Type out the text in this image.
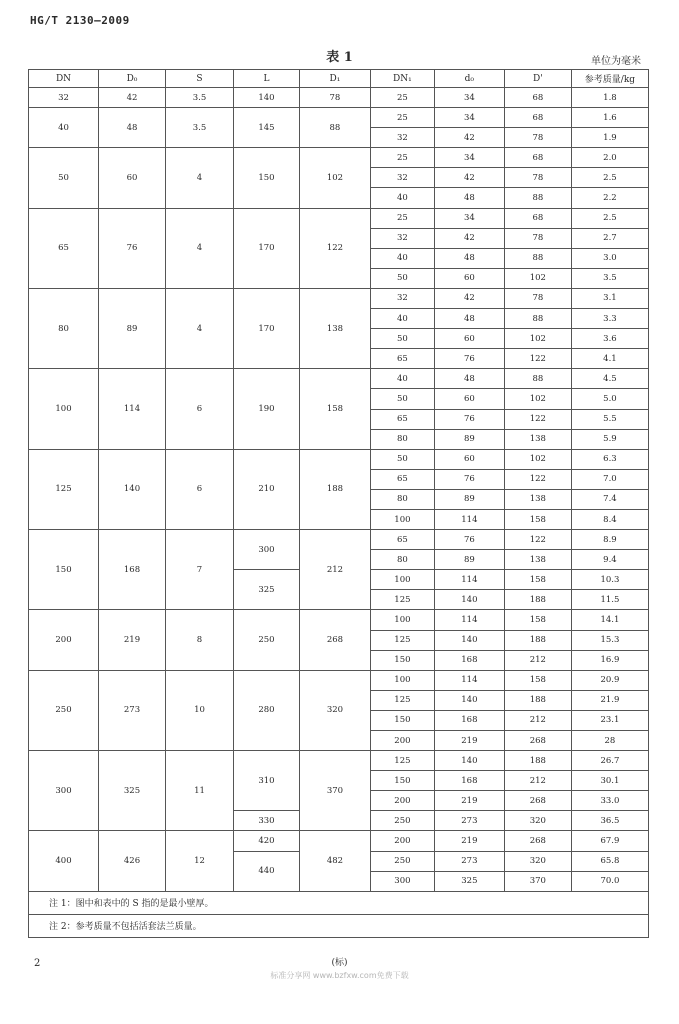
HG/T 2130—2009
表 1	单位为毫米
DN	D₀	S	L	D₁	DN₁	d₀	D'	参考质量/kg
32	42	3.5	140	78	25	34	68	1.8
40	48	3.5	145	88	25	34	68	1.6
					32	42	78	1.9
50	60	4	150	102	25	34	68	2.0
					32	42	78	2.5
					40	48	88	2.2
65	76	4	170	122	25	34	68	2.5
					32	42	78	2.7
					40	48	88	3.0
					50	60	102	3.5
80	89	4	170	138	32	42	78	3.1
					40	48	88	3.3
					50	60	102	3.6
					65	76	122	4.1
100	114	6	190	158	40	48	88	4.5
					50	60	102	5.0
					65	76	122	5.5
					80	89	138	5.9
125	140	6	210	188	50	60	102	6.3
					65	76	122	7.0
					80	89	138	7.4
					100	114	158	8.4
150	168	7	300	212	65	76	122	8.9
					80	89	138	9.4
			325		100	114	158	10.3
					125	140	188	11.5
200	219	8	250	268	100	114	158	14.1
					125	140	188	15.3
					150	168	212	16.9
250	273	10	280	320	100	114	158	20.9
					125	140	188	21.9
					150	168	212	23.1
					200	219	268	28
300	325	11	310	370	125	140	188	26.7
					150	168	212	30.1
					200	219	268	33.0
			330		250	273	320	36.5
400	426	12	420	482	200	219	268	67.9
			440		250	273	320	65.8
					300	325	370	70.0

注 1：图中和表中的 S 指的是最小壁厚。								

注 2：参考质量不包括活套法兰质量。								
2	(标)
标准分享网 www.bzfxw.com免费下载
